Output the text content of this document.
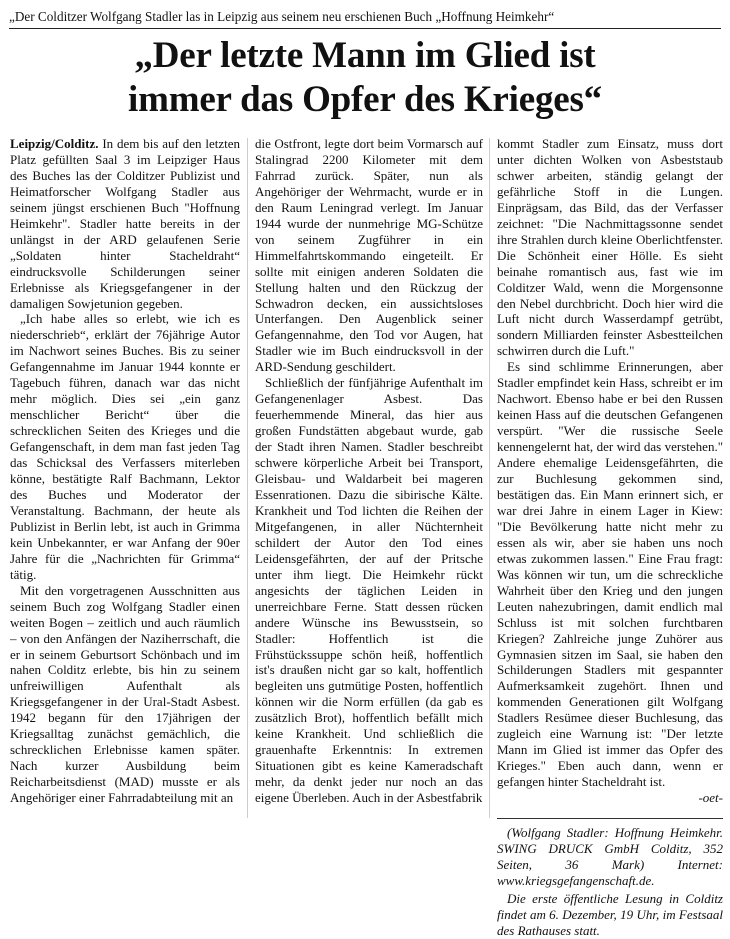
„Der Colditzer Wolfgang Stadler las in Leipzig aus seinem neu erschienen Buch „Hoffnung Heimkehr“
„Der letzte Mann im Glied ist
immer das Opfer des Krieges“

Leipzig/Colditz. In dem bis auf den letzten Platz gefüllten Saal 3 im Leipziger Haus des Buches las der Colditzer Publizist und Heimatforscher Wolfgang Stadler aus seinem jüngst erschienen Buch "Hoffnung Heimkehr". Stadler hatte bereits in der unlängst in der ARD gelaufenen Serie „Soldaten hinter Stacheldraht“ eindrucksvolle Schilderungen seiner Erlebnisse als Kriegsgefangener in der damaligen Sowjetunion gegeben.

„Ich habe alles so erlebt, wie ich es niederschrieb“, erklärt der 76jährige Autor im Nachwort seines Buches. Bis zu seiner Gefangennahme im Januar 1944 konnte er Tagebuch führen, danach war das nicht mehr möglich. Dies sei „ein ganz menschlicher Bericht“ über die schrecklichen Seiten des Krieges und die Gefangenschaft, in dem man fast jeden Tag das Schicksal des Verfassers miterleben könne, bestätigte Ralf Bachmann, Lektor des Buches und Moderator der Veranstaltung. Bachmann, der heute als Publizist in Berlin lebt, ist auch in Grimma kein Unbekannter, er war Anfang der 90er Jahre für die „Nachrichten für Grimma“ tätig.

Mit den vorgetragenen Ausschnitten aus seinem Buch zog Wolfgang Stadler einen weiten Bogen – zeitlich und auch räumlich – von den Anfängen der Naziherrschaft, die er in seinem Geburtsort Schönbach und im nahen Colditz erlebte, bis hin zu seinem unfreiwilligen Aufenthalt als Kriegsgefangener in der Ural-Stadt Asbest. 1942 begann für den 17jährigen der Kriegsalltag zunächst gemächlich, die schrecklichen Erlebnisse kamen später. Nach kurzer Ausbildung beim Reicharbeitsdienst (MAD) musste er als Angehöriger einer Fahrradabteilung mit an

die Ostfront, legte dort beim Vormarsch auf Stalingrad 2200 Kilometer mit dem Fahrrad zurück. Später, nun als Angehöriger der Wehrmacht, wurde er in den Raum Leningrad verlegt. Im Januar 1944 wurde der nunmehrige MG-Schütze von seinem Zugführer in ein Himmelfahrtskommando eingeteilt. Er sollte mit einigen anderen Soldaten die Stellung halten und den Rückzug der Schwadron decken, ein aussichtsloses Unterfangen. Den Augenblick seiner Gefangennahme, den Tod vor Augen, hat Stadler wie im Buch eindrucksvoll in der ARD-Sendung geschildert.

Schließlich der fünfjährige Aufenthalt im Gefangenenlager Asbest. Das feuerhemmende Mineral, das hier aus großen Fundstätten abgebaut wurde, gab der Stadt ihren Namen. Stadler beschreibt schwere körperliche Arbeit bei Transport, Gleisbau- und Waldarbeit bei mageren Essenrationen. Dazu die sibirische Kälte. Krankheit und Tod lichten die Reihen der Mitgefangenen, in aller Nüchternheit schildert der Autor den Tod eines Leidensgefährten, der auf der Pritsche unter ihm liegt. Die Heimkehr rückt angesichts der täglichen Leiden in unerreichbare Ferne. Statt dessen rücken andere Wünsche ins Bewusstsein, so Stadler: Hoffentlich ist die Frühstückssuppe schön heiß, hoffentlich ist's draußen nicht gar so kalt, hoffentlich begleiten uns gutmütige Posten, hoffentlich können wir die Norm erfüllen (da gab es zusätzlich Brot), hoffentlich befällt mich keine Krankheit. Und schließlich die grauenhafte Erkenntnis: In extremen Situationen gibt es keine Kameradschaft mehr, da denkt jeder nur noch an das eigene Überleben. Auch in der Asbestfabrik

kommt Stadler zum Einsatz, muss dort unter dichten Wolken von Asbeststaub schwer arbeiten, ständig gelangt der gefährliche Stoff in die Lungen. Einprägsam, das Bild, das der Verfasser zeichnet: "Die Nachmittagssonne sendet ihre Strahlen durch kleine Oberlichtfenster. Die Schönheit einer Hölle. Es sieht beinahe romantisch aus, fast wie im Colditzer Wald, wenn die Morgensonne den Nebel durchbricht. Doch hier wird die Luft nicht durch Wasserdampf getrübt, sondern Milliarden feinster Asbestteilchen schwirren durch die Luft."

Es sind schlimme Erinnerungen, aber Stadler empfindet kein Hass, schreibt er im Nachwort. Ebenso habe er bei den Russen keinen Hass auf die deutschen Gefangenen verspürt. "Wer die russische Seele kennengelernt hat, der wird das verstehen." Andere ehemalige Leidensgefährten, die zur Buchlesung gekommen sind, bestätigen das. Ein Mann erinnert sich, er war drei Jahre in einem Lager in Kiew: "Die Bevölkerung hatte nicht mehr zu essen als wir, aber sie haben uns noch etwas zukommen lassen." Eine Frau fragt: Was können wir tun, um die schreckliche Wahrheit über den Krieg und den jungen Leuten nahezubringen, damit endlich mal Schluss ist mit solchen furchtbaren Kriegen? Zahlreiche junge Zuhörer aus Gymnasien sitzen im Saal, sie haben den Schilderungen Stadlers mit gespannter Aufmerksamkeit zugehört. Ihnen und kommenden Generationen gilt Wolfgang Stadlers Resümee dieser Buchlesung, das zugleich eine Warnung ist: "Der letzte Mann im Glied ist immer das Opfer des Krieges." Eben auch dann, wenn er gefangen hinter Stacheldraht ist.

-oet-

(Wolfgang Stadler: Hoffnung Heimkehr. SWING DRUCK GmbH Colditz, 352 Seiten, 36 Mark) Internet: www.kriegsgefangenschaft.de.

Die erste öffentliche Lesung in Colditz findet am 6. Dezember, 19 Uhr, im Festsaal des Rathauses statt.
